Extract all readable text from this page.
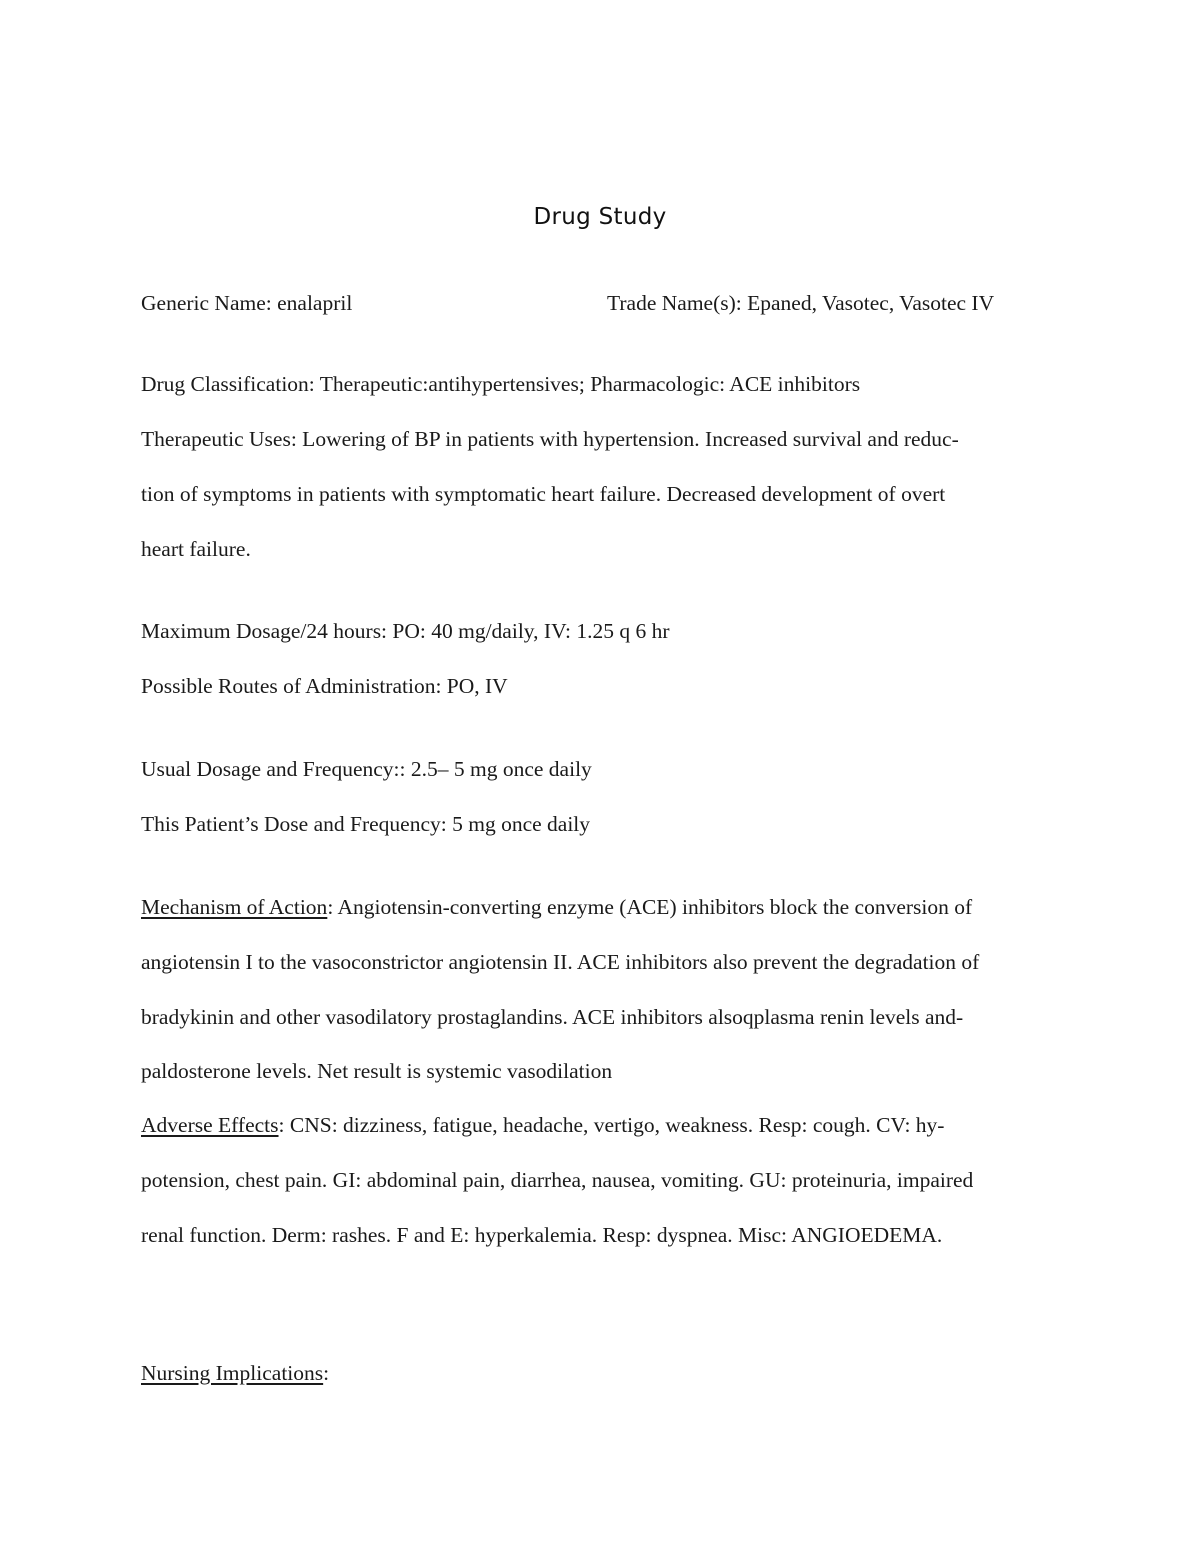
Drug Study
Generic Name: enalapril	Trade Name(s): Epaned, Vasotec, Vasotec IV
Drug Classification: Therapeutic:antihypertensives; Pharmacologic: ACE inhibitors
Therapeutic Uses: Lowering of BP in patients with hypertension. Increased survival and reduc-
tion of symptoms in patients with symptomatic heart failure. Decreased development of overt
heart failure.
Maximum Dosage/24 hours: PO: 40 mg/daily, IV: 1.25 q 6 hr
Possible Routes of Administration: PO, IV
Usual Dosage and Frequency:: 2.5– 5 mg once daily
This Patient’s Dose and Frequency: 5 mg once daily
Mechanism of Action: Angiotensin-converting enzyme (ACE) inhibitors block the conversion of
angiotensin I to the vasoconstrictor angiotensin II. ACE inhibitors also prevent the degradation of
bradykinin and other vasodilatory prostaglandins. ACE inhibitors alsoqplasma renin levels and-
paldosterone levels. Net result is systemic vasodilation
Adverse Effects: CNS: dizziness, fatigue, headache, vertigo, weakness. Resp: cough. CV: hy-
potension, chest pain. GI: abdominal pain, diarrhea, nausea, vomiting. GU: proteinuria, impaired
renal function. Derm: rashes. F and E: hyperkalemia. Resp: dyspnea. Misc: ANGIOEDEMA.
Nursing Implications:
